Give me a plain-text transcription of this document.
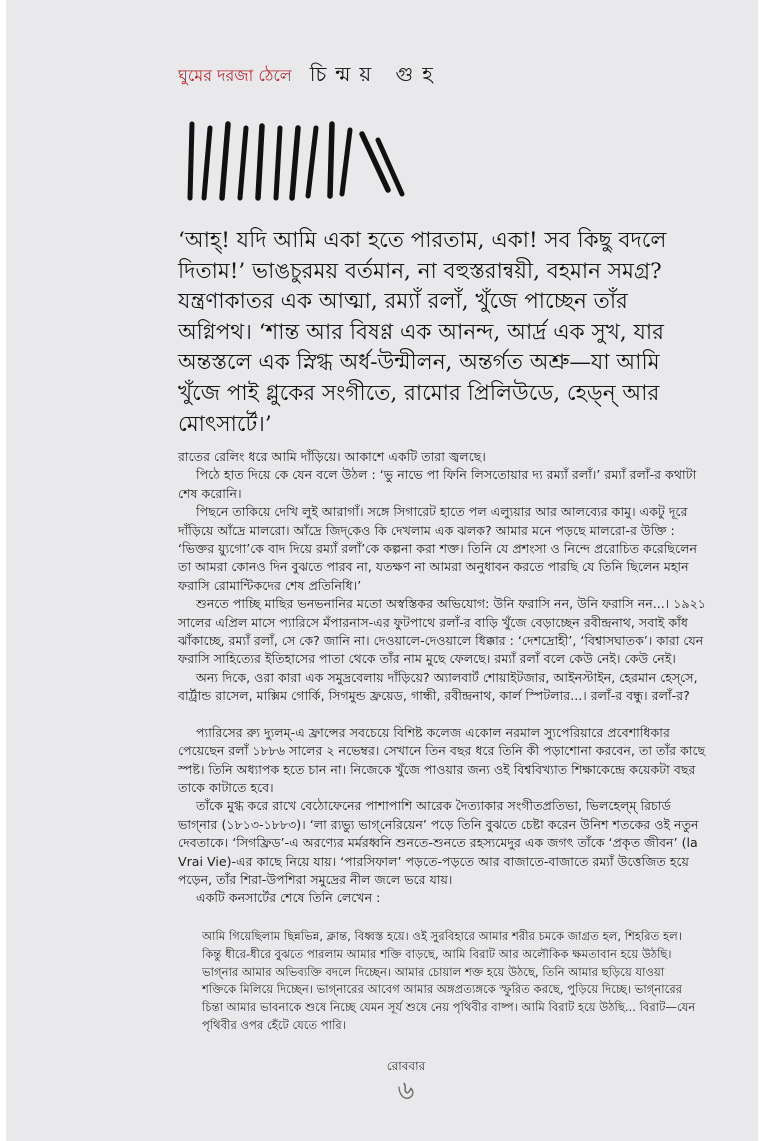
ঘুমের দরজা ঠেলে চিন্ময় গুহ

‘আহ্! যদি আমি একা হতে পারতাম, একা! সব কিছু বদলে দিতাম!’ ভাঙচুরময় বর্তমান, না বহুস্তরান্বয়ী, বহমান সমগ্র? যন্ত্রণাকাতর এক আত্মা, রম্যাঁ রলাঁ, খুঁজে পাচ্ছেন তাঁর অগ্নিপথ। ‘শান্ত আর বিষণ্ণ এক আনন্দ, আর্দ্র এক সুখ, যার অন্তস্তলে এক স্নিগ্ধ অর্ধ-উন্মীলন, অন্তর্গত অশ্রু—যা আমি খুঁজে পাই গ্লুকের সংগীতে, রামোর প্রিলিউডে, হেড্‌ন্ আর মোৎসার্টে।’

রাতের রেলিং ধরে আমি দাঁড়িয়ে। আকাশে একটি তারা জ্বলছে।

পিঠে হাত দিয়ে কে যেন বলে উঠল : ‘ভু নাভে পা ফিনি লিসতোয়ার দ্য রম্যাঁ রলাঁ।’ রম্যাঁ রলাঁ-র কথাটা শেষ করোনি।

পিছনে তাকিয়ে দেখি লুই আরাগাঁ। সঙ্গে সিগারেট হাতে পল এল্যুয়ার আর আলব্যের কামু। একটু দূরে দাঁড়িয়ে আঁদ্রে মালরো। আঁদ্রে জিদ্‌কেও কি দেখলাম এক ঝলক? আমার মনে পড়ছে মালরো-র উক্তি : ‘ভিক্তর য়্যুগো’কে বাদ দিয়ে রম্যাঁ রলাঁ’কে কল্পনা করা শক্ত। তিনি যে প্রশংসা ও নিন্দে প্ররোচিত করেছিলেন তা আমরা কোনও দিন বুঝতে পারব না, যতক্ষণ না আমরা অনুধাবন করতে পারছি যে তিনি ছিলেন মহান ফরাসি রোমান্টিকদের শেষ প্রতিনিধি।’

শুনতে পাচ্ছি মাছির ভনভনানির মতো অস্বস্তিকর অভিযোগ: উনি ফরাসি নন, উনি ফরাসি নন...। ১৯২১ সালের এপ্রিল মাসে প্যারিসে মঁপারনাস-এর ফুটপাথে রলাঁ-র বাড়ি খুঁজে বেড়াচ্ছেন রবীন্দ্রনাথ, সবাই কাঁধ ঝাঁকাচ্ছে, রম্যাঁ রলাঁ, সে কে? জানি না। দেওয়ালে-দেওয়ালে ধিক্কার : ‘দেশদ্রোহী’, ‘বিশ্বাসঘাতক’। কারা যেন ফরাসি সাহিত্যের ইতিহাসের পাতা থেকে তাঁর নাম মুছে ফেলছে। রম্যাঁ রলাঁ বলে কেউ নেই। কেউ নেই।

অন্য দিকে, ওরা কারা এক সমুদ্রবেলায় দাঁড়িয়ে? অ্যালবার্ট শোয়াইটজার, আইনস্টাইন, হেরমান হেস্‌সে, বার্ট্রান্ড রাসেল, মাক্সিম গোর্কি, সিগমুন্ড ফ্রয়েড, গান্ধী, রবীন্দ্রনাথ, কার্ল স্পিটলার...। রলাঁ-র বন্ধু। রলাঁ-র?

প্যারিসের র‍্যু দ্যুলম্‌-এ ফ্রান্সের সবচেয়ে বিশিষ্ট কলেজ একোল নরমাল স্যুপেরিয়ারে প্রবেশাধিকার পেয়েছেন রলাঁ ১৮৮৬ সালের ২ নভেম্বর। সেখানে তিন বছর ধরে তিনি কী পড়াশোনা করবেন, তা তাঁর কাছে স্পষ্ট। তিনি অধ্যাপক হতে চান না। নিজেকে খুঁজে পাওয়ার জন্য ওই বিশ্ববিখ্যাত শিক্ষাকেন্দ্রে কয়েকটা বছর তাকে কাটাতে হবে।

তাঁকে মুগ্ধ করে রাখে বেঠোফেনের পাশাপাশি আরেক দৈত্যাকার সংগীতপ্রতিভা, ভিলহেল্‌ম্ রিচার্ড ভাগ্‌নার (১৮১৩-১৮৮৩)। ‘লা র‍্যভ্যু ভাগ্‌নেরিয়েন’ পড়ে তিনি বুঝতে চেষ্টা করেন উনিশ শতকের ওই নতুন দেবতাকে। ‘সিগফ্রিড’-এ অরণ্যের মর্মরধ্বনি শুনতে-শুনতে রহস্যমেদুর এক জগৎ তাঁকে ‘প্রকৃত জীবন’ (la Vrai Vie)-এর কাছে নিয়ে যায়। ‘পারসিফাল’ পড়তে-পড়তে আর বাজাতে-বাজাতে রম্যাঁ উত্তেজিত হয়ে পড়েন, তাঁর শিরা-উপশিরা সমুদ্রের নীল জলে ভরে যায়।

একটি কনসার্টের শেষে তিনি লেখেন :

আমি গিয়েছিলাম ছিন্নভিন্ন, ক্লান্ত, বিধ্বস্ত হয়ে। ওই সুরবিহারে আমার শরীর চমকে জাগ্রত হল, শিহরিত হল। কিন্তু ধীরে-ধীরে বুঝতে পারলাম আমার শক্তি বাড়ছে, আমি বিরাট আর অলৌকিক ক্ষমতাবান হয়ে উঠছি। ভাগ্‌নার আমার অভিব্যক্তি বদলে দিচ্ছেন। আমার চোয়াল শক্ত হয়ে উঠছে, তিনি আমার ছড়িয়ে যাওয়া শক্তিকে মিলিয়ে দিচ্ছেন। ভাগ্‌নারের আবেগ আমার অঙ্গপ্রত্যঙ্গকে স্ফুরিত করছে, পুড়িয়ে দিচ্ছে। ভাগ্‌নারের চিন্তা আমার ভাবনাকে শুষে নিচ্ছে যেমন সূর্য শুষে নেয় পৃথিবীর বাষ্প। আমি বিরাট হয়ে উঠছি... বিরাট—যেন পৃথিবীর ওপর হেঁটে যেতে পারি।

রোববার
৬
